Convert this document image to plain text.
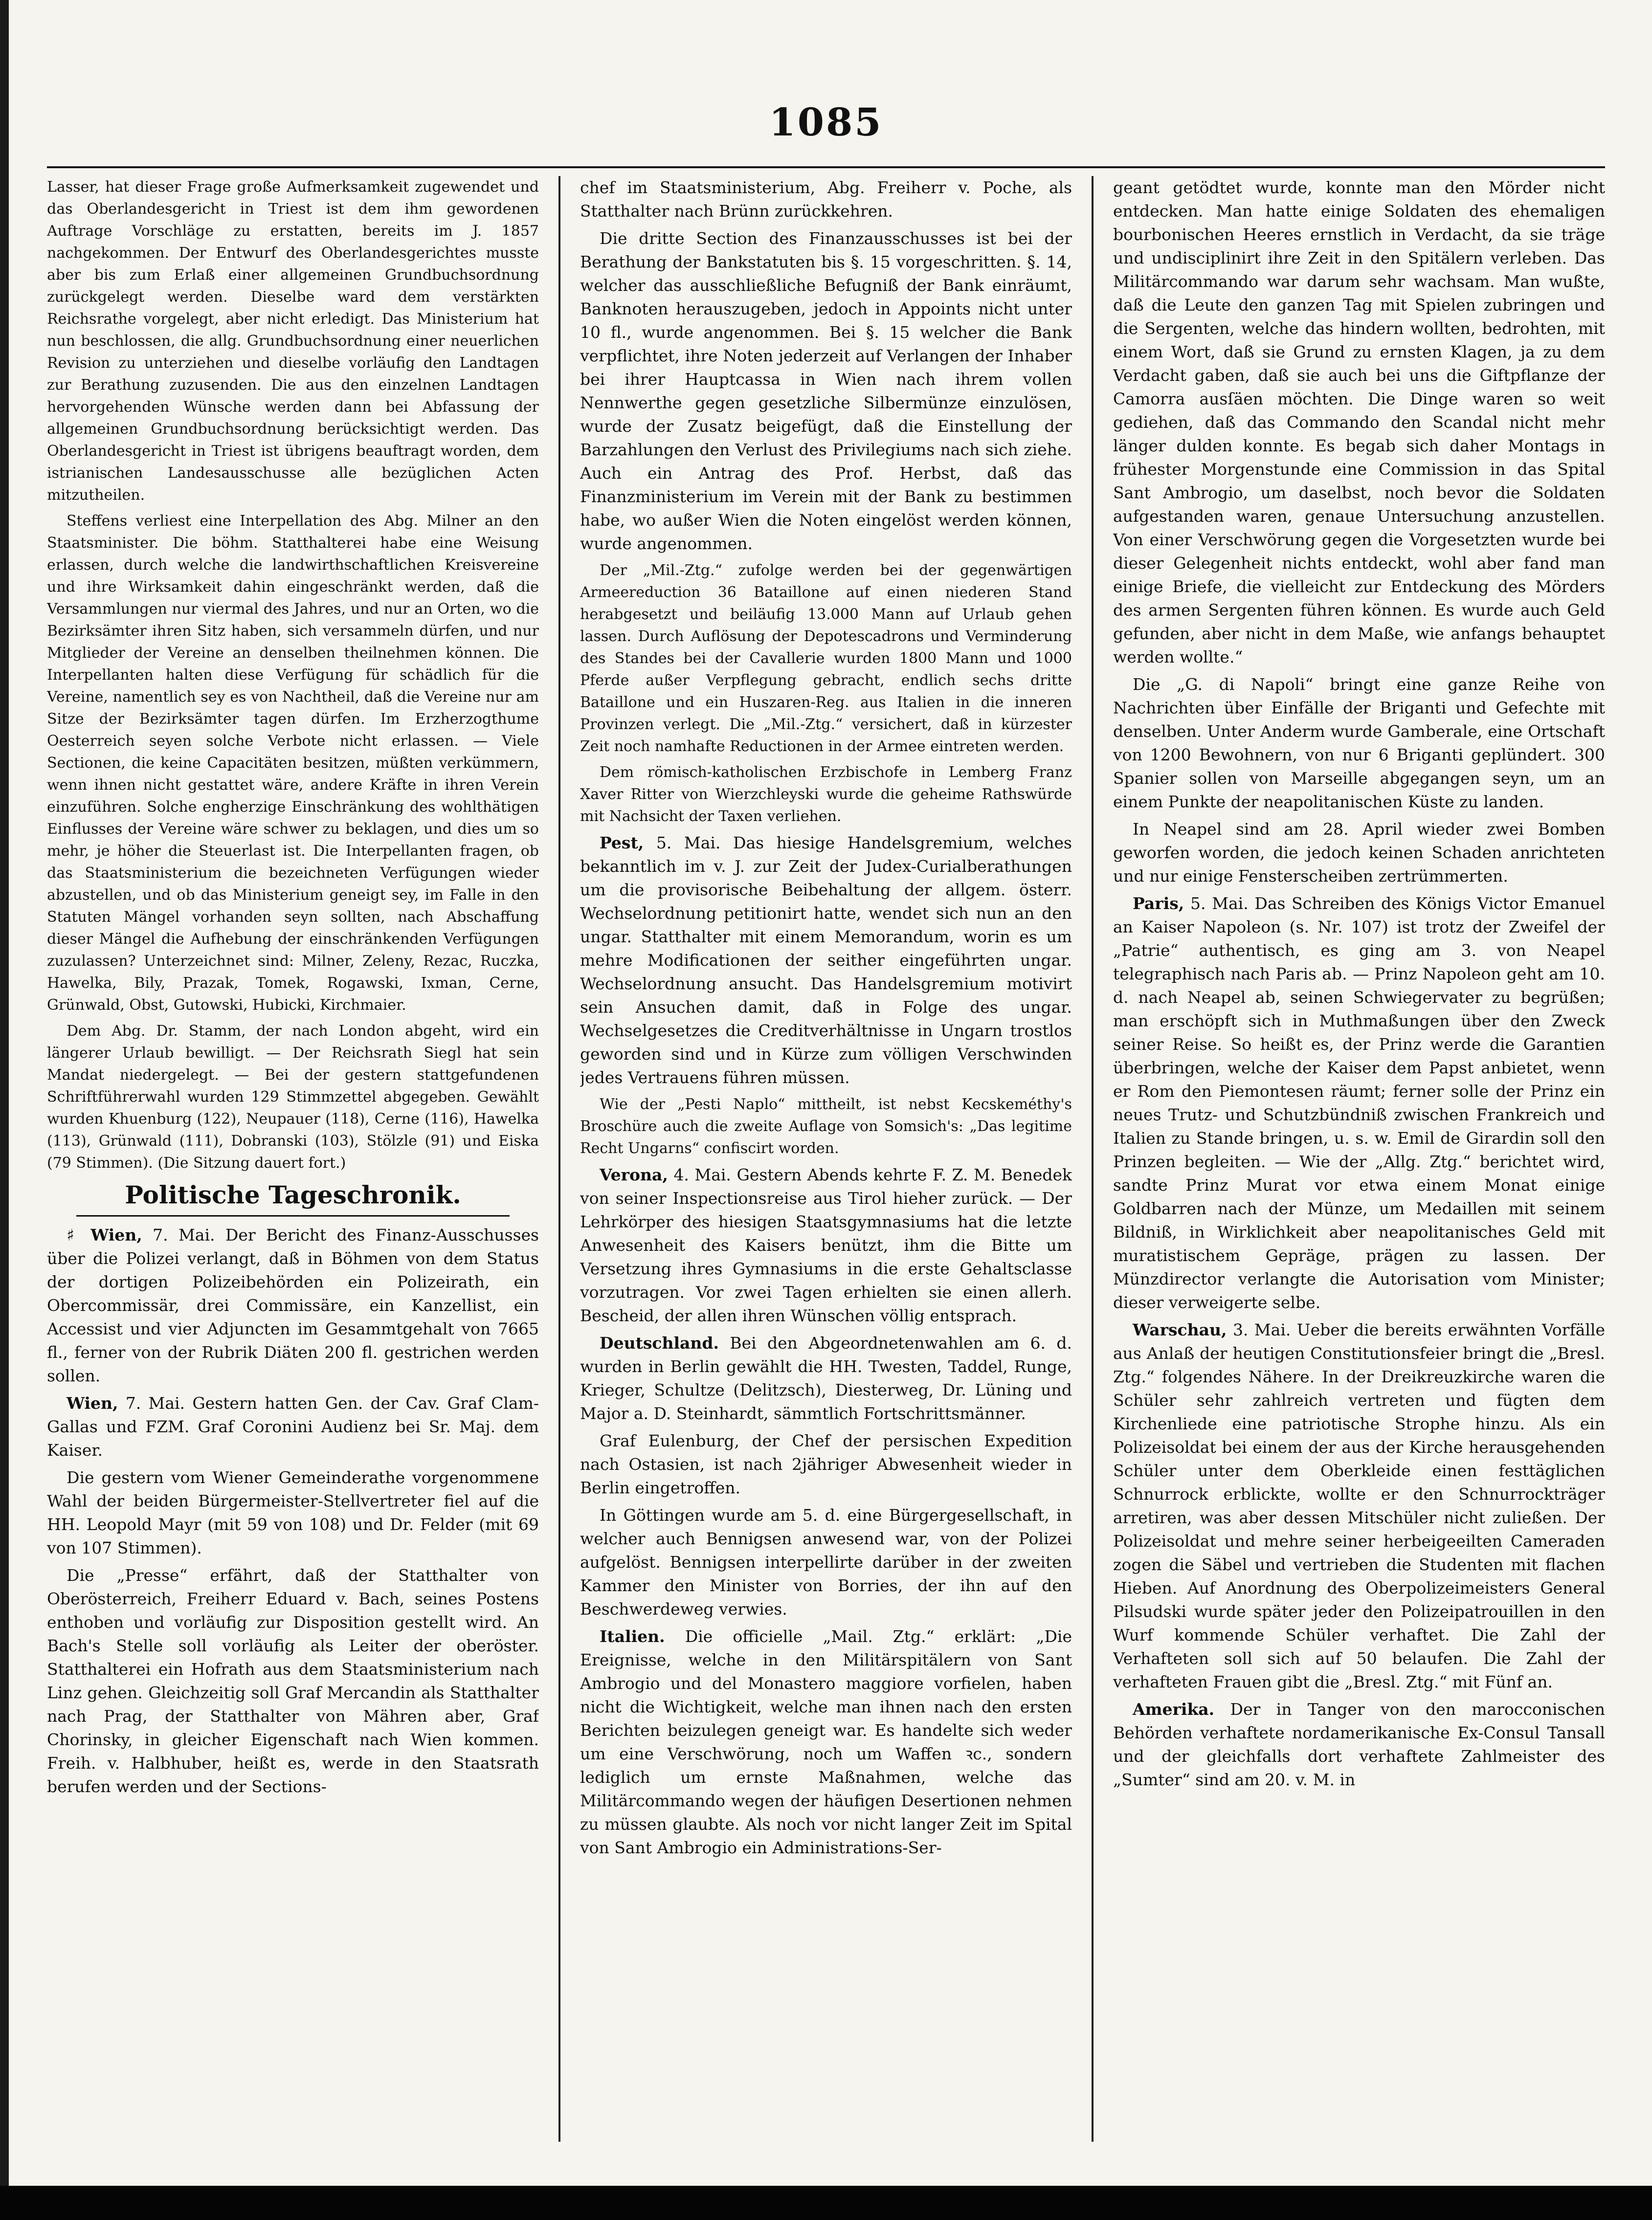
1085

Lasser, hat dieser Frage große Aufmerksamkeit zugewendet und das Oberlandesgericht in Triest ist dem ihm gewordenen Auftrage Vorschläge zu erstatten, bereits im J. 1857 nachgekommen. Der Entwurf des Oberlandesgerichtes musste aber bis zum Erlaß einer allgemeinen Grundbuchsordnung zurückgelegt werden. Dieselbe ward dem verstärkten Reichsrathe vorgelegt, aber nicht erledigt. Das Ministerium hat nun beschlossen, die allg. Grundbuchsordnung einer neuerlichen Revision zu unterziehen und dieselbe vorläufig den Landtagen zur Berathung zuzusenden. Die aus den einzelnen Landtagen hervorgehenden Wünsche werden dann bei Abfassung der allgemeinen Grundbuchsordnung berücksichtigt werden. Das Oberlandesgericht in Triest ist übrigens beauftragt worden, dem istrianischen Landesausschusse alle bezüglichen Acten mitzutheilen.

Steffens verliest eine Interpellation des Abg. Milner an den Staatsminister. Die böhm. Statthalterei habe eine Weisung erlassen, durch welche die landwirthschaftlichen Kreisvereine und ihre Wirksamkeit dahin eingeschränkt werden, daß die Versammlungen nur viermal des Jahres, und nur an Orten, wo die Bezirksämter ihren Sitz haben, sich versammeln dürfen, und nur Mitglieder der Vereine an denselben theilnehmen können. Die Interpellanten halten diese Verfügung für schädlich für die Vereine, namentlich sey es von Nachtheil, daß die Vereine nur am Sitze der Bezirksämter tagen dürfen. Im Erzherzogthume Oesterreich seyen solche Verbote nicht erlassen. — Viele Sectionen, die keine Capacitäten besitzen, müßten verkümmern, wenn ihnen nicht gestattet wäre, andere Kräfte in ihren Verein einzuführen. Solche engherzige Einschränkung des wohlthätigen Einflusses der Vereine wäre schwer zu beklagen, und dies um so mehr, je höher die Steuerlast ist. Die Interpellanten fragen, ob das Staatsministerium die bezeichneten Verfügungen wieder abzustellen, und ob das Ministerium geneigt sey, im Falle in den Statuten Mängel vorhanden seyn sollten, nach Abschaffung dieser Mängel die Aufhebung der einschränkenden Verfügungen zuzulassen? Unterzeichnet sind: Milner, Zeleny, Rezac, Ruczka, Hawelka, Bily, Prazak, Tomek, Rogawski, Ixman, Cerne, Grünwald, Obst, Gutowski, Hubicki, Kirchmaier.

Dem Abg. Dr. Stamm, der nach London abgeht, wird ein längerer Urlaub bewilligt. — Der Reichsrath Siegl hat sein Mandat niedergelegt. — Bei der gestern stattgefundenen Schriftführerwahl wurden 129 Stimmzettel abgegeben. Gewählt wurden Khuenburg (122), Neupauer (118), Cerne (116), Hawelka (113), Grünwald (111), Dobranski (103), Stölzle (91) und Eiska (79 Stimmen). (Die Sitzung dauert fort.)

Politische Tageschronik.

♯ Wien, 7. Mai. Der Bericht des Finanz-Ausschusses über die Polizei verlangt, daß in Böhmen von dem Status der dortigen Polizeibehörden ein Polizeirath, ein Obercommissär, drei Commissäre, ein Kanzellist, ein Accessist und vier Adjuncten im Gesammtgehalt von 7665 fl., ferner von der Rubrik Diäten 200 fl. gestrichen werden sollen.

Wien, 7. Mai. Gestern hatten Gen. der Cav. Graf Clam-Gallas und FZM. Graf Coronini Audienz bei Sr. Maj. dem Kaiser.

Die gestern vom Wiener Gemeinderathe vorgenommene Wahl der beiden Bürgermeister-Stellvertreter fiel auf die HH. Leopold Mayr (mit 59 von 108) und Dr. Felder (mit 69 von 107 Stimmen).

Die „Presse“ erfährt, daß der Statthalter von Oberösterreich, Freiherr Eduard v. Bach, seines Postens enthoben und vorläufig zur Disposition gestellt wird. An Bach's Stelle soll vorläufig als Leiter der oberöster. Statthalterei ein Hofrath aus dem Staatsministerium nach Linz gehen. Gleichzeitig soll Graf Mercandin als Statthalter nach Prag, der Statthalter von Mähren aber, Graf Chorinsky, in gleicher Eigenschaft nach Wien kommen. Freih. v. Halbhuber, heißt es, werde in den Staatsrath berufen werden und der Sections-

chef im Staatsministerium, Abg. Freiherr v. Poche, als Statthalter nach Brünn zurückkehren.

Die dritte Section des Finanzausschusses ist bei der Berathung der Bankstatuten bis §. 15 vorgeschritten. §. 14, welcher das ausschließliche Befugniß der Bank einräumt, Banknoten herauszugeben, jedoch in Appoints nicht unter 10 fl., wurde angenommen. Bei §. 15 welcher die Bank verpflichtet, ihre Noten jederzeit auf Verlangen der Inhaber bei ihrer Hauptcassa in Wien nach ihrem vollen Nennwerthe gegen gesetzliche Silbermünze einzulösen, wurde der Zusatz beigefügt, daß die Einstellung der Barzahlungen den Verlust des Privilegiums nach sich ziehe. Auch ein Antrag des Prof. Herbst, daß das Finanzministerium im Verein mit der Bank zu bestimmen habe, wo außer Wien die Noten eingelöst werden können, wurde angenommen.

Der „Mil.-Ztg.“ zufolge werden bei der gegenwärtigen Armeereduction 36 Bataillone auf einen niederen Stand herabgesetzt und beiläufig 13.000 Mann auf Urlaub gehen lassen. Durch Auflösung der Depotescadrons und Verminderung des Standes bei der Cavallerie wurden 1800 Mann und 1000 Pferde außer Verpflegung gebracht, endlich sechs dritte Bataillone und ein Huszaren-Reg. aus Italien in die inneren Provinzen verlegt. Die „Mil.-Ztg.“ versichert, daß in kürzester Zeit noch namhafte Reductionen in der Armee eintreten werden.

Dem römisch-katholischen Erzbischofe in Lemberg Franz Xaver Ritter von Wierzchleyski wurde die geheime Rathswürde mit Nachsicht der Taxen verliehen.

Pest, 5. Mai. Das hiesige Handelsgremium, welches bekanntlich im v. J. zur Zeit der Judex-Curialberathungen um die provisorische Beibehaltung der allgem. österr. Wechselordnung petitionirt hatte, wendet sich nun an den ungar. Statthalter mit einem Memorandum, worin es um mehre Modificationen der seither eingeführten ungar. Wechselordnung ansucht. Das Handelsgremium motivirt sein Ansuchen damit, daß in Folge des ungar. Wechselgesetzes die Creditverhältnisse in Ungarn trostlos geworden sind und in Kürze zum völligen Verschwinden jedes Vertrauens führen müssen.

Wie der „Pesti Naplo“ mittheilt, ist nebst Kecskeméthy's Broschüre auch die zweite Auflage von Somsich's: „Das legitime Recht Ungarns“ confiscirt worden.

Verona, 4. Mai. Gestern Abends kehrte F. Z. M. Benedek von seiner Inspectionsreise aus Tirol hieher zurück. — Der Lehrkörper des hiesigen Staatsgymnasiums hat die letzte Anwesenheit des Kaisers benützt, ihm die Bitte um Versetzung ihres Gymnasiums in die erste Gehaltsclasse vorzutragen. Vor zwei Tagen erhielten sie einen allerh. Bescheid, der allen ihren Wünschen völlig entsprach.

Deutschland. Bei den Abgeordnetenwahlen am 6. d. wurden in Berlin gewählt die HH. Twesten, Taddel, Runge, Krieger, Schultze (Delitzsch), Diesterweg, Dr. Lüning und Major a. D. Steinhardt, sämmtlich Fortschrittsmänner.

Graf Eulenburg, der Chef der persischen Expedition nach Ostasien, ist nach 2jähriger Abwesenheit wieder in Berlin eingetroffen.

In Göttingen wurde am 5. d. eine Bürgergesellschaft, in welcher auch Bennigsen anwesend war, von der Polizei aufgelöst. Bennigsen interpellirte darüber in der zweiten Kammer den Minister von Borries, der ihn auf den Beschwerdeweg verwies.

Italien. Die officielle „Mail. Ztg.“ erklärt: „Die Ereignisse, welche in den Militärspitälern von Sant Ambrogio und del Monastero maggiore vorfielen, haben nicht die Wichtigkeit, welche man ihnen nach den ersten Berichten beizulegen geneigt war. Es handelte sich weder um eine Verschwörung, noch um Waffen ꝛc., sondern lediglich um ernste Maßnahmen, welche das Militärcommando wegen der häufigen Desertionen nehmen zu müssen glaubte. Als noch vor nicht langer Zeit im Spital von Sant Ambrogio ein Administrations-Ser-

geant getödtet wurde, konnte man den Mörder nicht entdecken. Man hatte einige Soldaten des ehemaligen bourbonischen Heeres ernstlich in Verdacht, da sie träge und undisciplinirt ihre Zeit in den Spitälern verleben. Das Militärcommando war darum sehr wachsam. Man wußte, daß die Leute den ganzen Tag mit Spielen zubringen und die Sergenten, welche das hindern wollten, bedrohten, mit einem Wort, daß sie Grund zu ernsten Klagen, ja zu dem Verdacht gaben, daß sie auch bei uns die Giftpflanze der Camorra ausſäen möchten. Die Dinge waren so weit gediehen, daß das Commando den Scandal nicht mehr länger dulden konnte. Es begab sich daher Montags in frühester Morgenstunde eine Commission in das Spital Sant Ambrogio, um daselbst, noch bevor die Soldaten aufgestanden waren, genaue Untersuchung anzustellen. Von einer Verschwörung gegen die Vorgesetzten wurde bei dieser Gelegenheit nichts entdeckt, wohl aber fand man einige Briefe, die vielleicht zur Entdeckung des Mörders des armen Sergenten führen können. Es wurde auch Geld gefunden, aber nicht in dem Maße, wie anfangs behauptet werden wollte.“

Die „G. di Napoli“ bringt eine ganze Reihe von Nachrichten über Einfälle der Briganti und Gefechte mit denselben. Unter Anderm wurde Gamberale, eine Ortschaft von 1200 Bewohnern, von nur 6 Briganti geplündert. 300 Spanier sollen von Marseille abgegangen seyn, um an einem Punkte der neapolitanischen Küste zu landen.

In Neapel sind am 28. April wieder zwei Bomben geworfen worden, die jedoch keinen Schaden anrichteten und nur einige Fensterscheiben zertrümmerten.

Paris, 5. Mai. Das Schreiben des Königs Victor Emanuel an Kaiser Napoleon (s. Nr. 107) ist trotz der Zweifel der „Patrie“ authentisch, es ging am 3. von Neapel telegraphisch nach Paris ab. — Prinz Napoleon geht am 10. d. nach Neapel ab, seinen Schwiegervater zu begrüßen; man erschöpft sich in Muthmaßungen über den Zweck seiner Reise. So heißt es, der Prinz werde die Garantien überbringen, welche der Kaiser dem Papst anbietet, wenn er Rom den Piemontesen räumt; ferner solle der Prinz ein neues Trutz- und Schutzbündniß zwischen Frankreich und Italien zu Stande bringen, u. s. w. Emil de Girardin soll den Prinzen begleiten. — Wie der „Allg. Ztg.“ berichtet wird, sandte Prinz Murat vor etwa einem Monat einige Goldbarren nach der Münze, um Medaillen mit seinem Bildniß, in Wirklichkeit aber neapolitanisches Geld mit muratistischem Gepräge, prägen zu lassen. Der Münzdirector verlangte die Autorisation vom Minister; dieser verweigerte selbe.

Warschau, 3. Mai. Ueber die bereits erwähnten Vorfälle aus Anlaß der heutigen Constitutionsfeier bringt die „Bresl. Ztg.“ folgendes Nähere. In der Dreikreuzkirche waren die Schüler sehr zahlreich vertreten und fügten dem Kirchenliede eine patriotische Strophe hinzu. Als ein Polizeisoldat bei einem der aus der Kirche herausgehenden Schüler unter dem Oberkleide einen festtäglichen Schnurrock erblickte, wollte er den Schnurrockträger arretiren, was aber dessen Mitschüler nicht zuließen. Der Polizeisoldat und mehre seiner herbeigeeilten Cameraden zogen die Säbel und vertrieben die Studenten mit flachen Hieben. Auf Anordnung des Oberpolizeimeisters General Pilsudski wurde später jeder den Polizeipatrouillen in den Wurf kommende Schüler verhaftet. Die Zahl der Verhafteten soll sich auf 50 belaufen. Die Zahl der verhafteten Frauen gibt die „Bresl. Ztg.“ mit Fünf an.

Amerika. Der in Tanger von den marocconischen Behörden verhaftete nordamerikanische Ex-Consul Tansall und der gleichfalls dort verhaftete Zahlmeister des „Sumter“ sind am 20. v. M. in
